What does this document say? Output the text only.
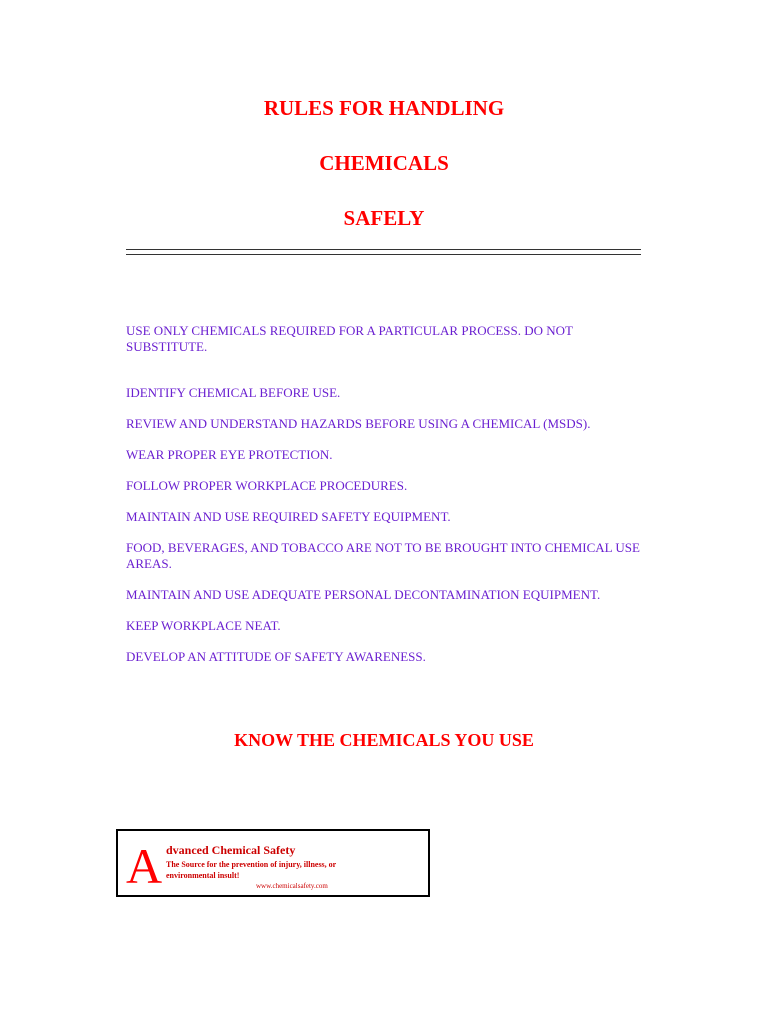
RULES FOR HANDLING
CHEMICALS
SAFELY
USE ONLY CHEMICALS REQUIRED FOR A PARTICULAR PROCESS. DO NOT SUBSTITUTE.
IDENTIFY CHEMICAL BEFORE USE.
REVIEW AND UNDERSTAND HAZARDS BEFORE USING A CHEMICAL (MSDS).
WEAR PROPER EYE PROTECTION.
FOLLOW PROPER WORKPLACE PROCEDURES.
MAINTAIN AND USE REQUIRED SAFETY EQUIPMENT.
FOOD, BEVERAGES, AND TOBACCO ARE NOT TO BE BROUGHT INTO CHEMICAL USE AREAS.
MAINTAIN AND USE ADEQUATE PERSONAL DECONTAMINATION EQUIPMENT.
KEEP WORKPLACE NEAT.
DEVELOP AN ATTITUDE OF SAFETY AWARENESS.
KNOW THE CHEMICALS YOU USE
A dvanced Chemical Safety
The Source for the prevention of injury, illness, or environmental insult!
www.chemicalsafety.com
